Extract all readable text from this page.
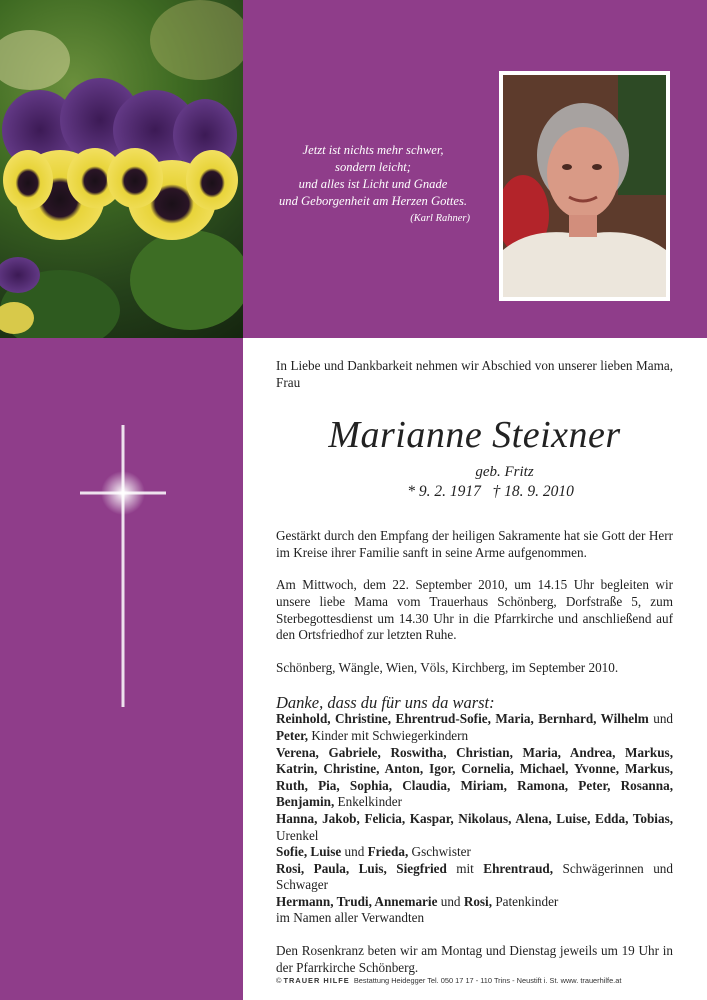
Jetzt ist nichts mehr schwer,
sondern leicht;
und alles ist Licht und Gnade
und Geborgenheit am Herzen Gottes.
(Karl Rahner)

In Liebe und Dankbarkeit nehmen wir Abschied von unserer lieben Mama, Frau

Marianne Steixner
geb. Fritz
* 9. 2. 1917   † 18. 9. 2010

Gestärkt durch den Empfang der heiligen Sakramente hat sie Gott der Herr im Kreise ihrer Familie sanft in seine Arme aufgenommen.

Am Mittwoch, dem 22. September 2010, um 14.15 Uhr begleiten wir unsere liebe Mama vom Trauerhaus Schönberg, Dorfstraße 5, zum Sterbegottesdienst um 14.30 Uhr in die Pfarrkirche und anschließend auf den Ortsfriedhof zur letzten Ruhe.

Schönberg, Wängle, Wien, Völs, Kirchberg, im September 2010.

Danke, dass du für uns da warst:

Reinhold, Christine, Ehrentrud-Sofie, Maria, Bernhard, Wilhelm und Peter, Kinder mit Schwiegerkindern

Verena, Gabriele, Roswitha, Christian, Maria, Andrea, Markus, Katrin, Christine, Anton, Igor, Cornelia, Michael, Yvonne, Markus, Ruth, Pia, Sophia, Claudia, Miriam, Ramona, Peter, Rosanna, Benjamin, Enkelkinder

Hanna, Jakob, Felicia, Kaspar, Nikolaus, Alena, Luise, Edda, Tobias, Urenkel

Sofie, Luise und Frieda, Gschwister

Rosi, Paula, Luis, Siegfried mit Ehrentraud, Schwägerinnen und Schwager

Hermann, Trudi, Annemarie und Rosi, Patenkinder

im Namen aller Verwandten

Den Rosenkranz beten wir am Montag und Dienstag jeweils um 19 Uhr in der Pfarrkirche Schönberg.

© TRAUER HILFE Bestattung Heidegger Tel. 050 17 17 - 110 Trins - Neustift i. St. www. trauerhilfe.at
